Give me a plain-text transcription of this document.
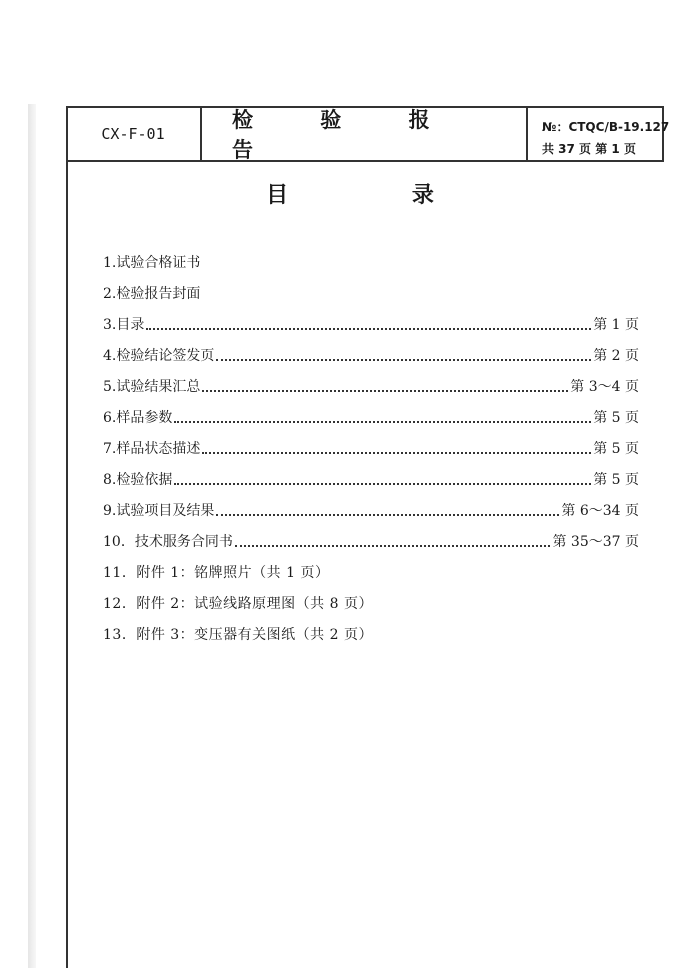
CX-F-01
检 验 报 告
№：CTQC/B-19.127
共 37 页 第 1 页
目 录
1.试验合格证书
2.检验报告封面
3.目录	第 1 页
4.检验结论签发页	第 2 页
5.试验结果汇总	第 3～4 页
6.样品参数	第 5 页
7.样品状态描述	第 5 页
8.检验依据	第 5 页
9.试验项目及结果	第 6～34 页
10．技术服务合同书	第 35～37 页
11．附件 1：铭牌照片（共 1 页）
12．附件 2：试验线路原理图（共 8 页）
13．附件 3：变压器有关图纸（共 2 页）
